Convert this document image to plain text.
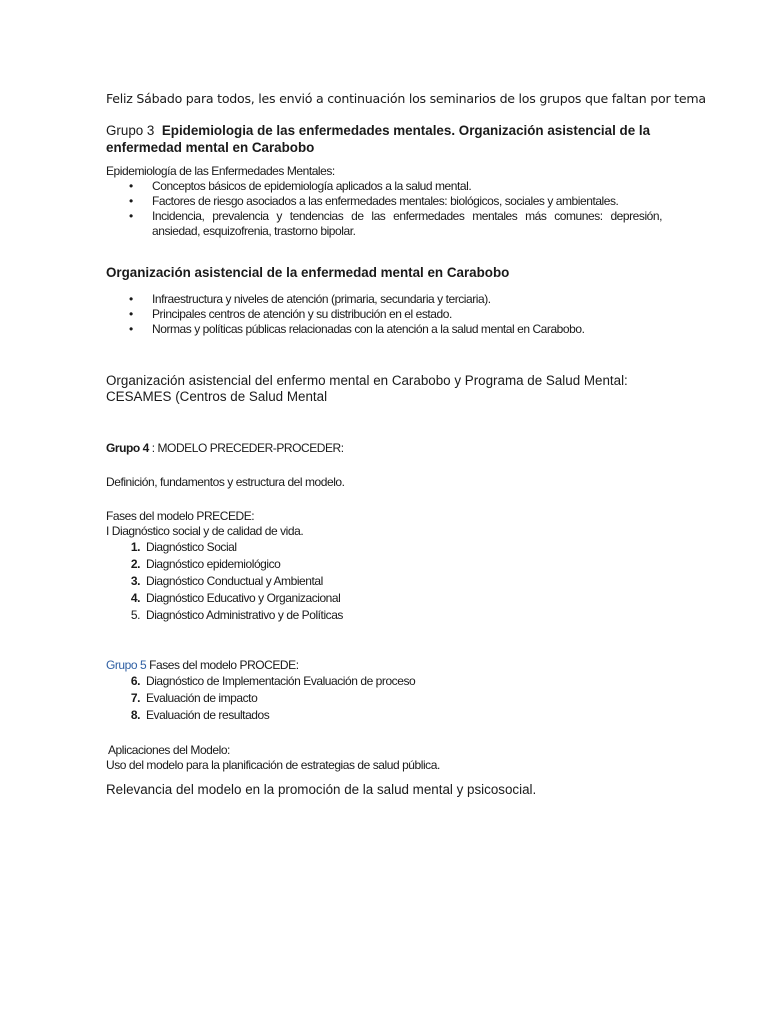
Feliz Sábado para todos, les envió a continuación los seminarios de los grupos que faltan por tema

Grupo 3 Epidemiologia de las enfermedades mentales. Organización asistencial de la enfermedad mental en Carabobo

Epidemiología de las Enfermedades Mentales:
• Conceptos básicos de epidemiología aplicados a la salud mental.
• Factores de riesgo asociados a las enfermedades mentales: biológicos, sociales y ambientales.
• Incidencia, prevalencia y tendencias de las enfermedades mentales más comunes: depresión, ansiedad, esquizofrenia, trastorno bipolar.

Organización asistencial de la enfermedad mental en Carabobo

• Infraestructura y niveles de atención (primaria, secundaria y terciaria).
• Principales centros de atención y su distribución en el estado.
• Normas y políticas públicas relacionadas con la atención a la salud mental en Carabobo.

Organización asistencial del enfermo mental en Carabobo y Programa de Salud Mental: CESAMES (Centros de Salud Mental

Grupo 4 : MODELO PRECEDER-PROCEDER:

Definición, fundamentos y estructura del modelo.

Fases del modelo PRECEDE:
I Diagnóstico social y de calidad de vida.
1. Diagnóstico Social
2. Diagnóstico epidemiológico
3. Diagnóstico Conductual y Ambiental
4. Diagnóstico Educativo y Organizacional
5. Diagnóstico Administrativo y de Políticas
Grupo 5 Fases del modelo PROCEDE:
6. Diagnóstico de Implementación Evaluación de proceso
7. Evaluación de impacto
8. Evaluación de resultados
Aplicaciones del Modelo:
Uso del modelo para la planificación de estrategias de salud pública.

Relevancia del modelo en la promoción de la salud mental y psicosocial.
